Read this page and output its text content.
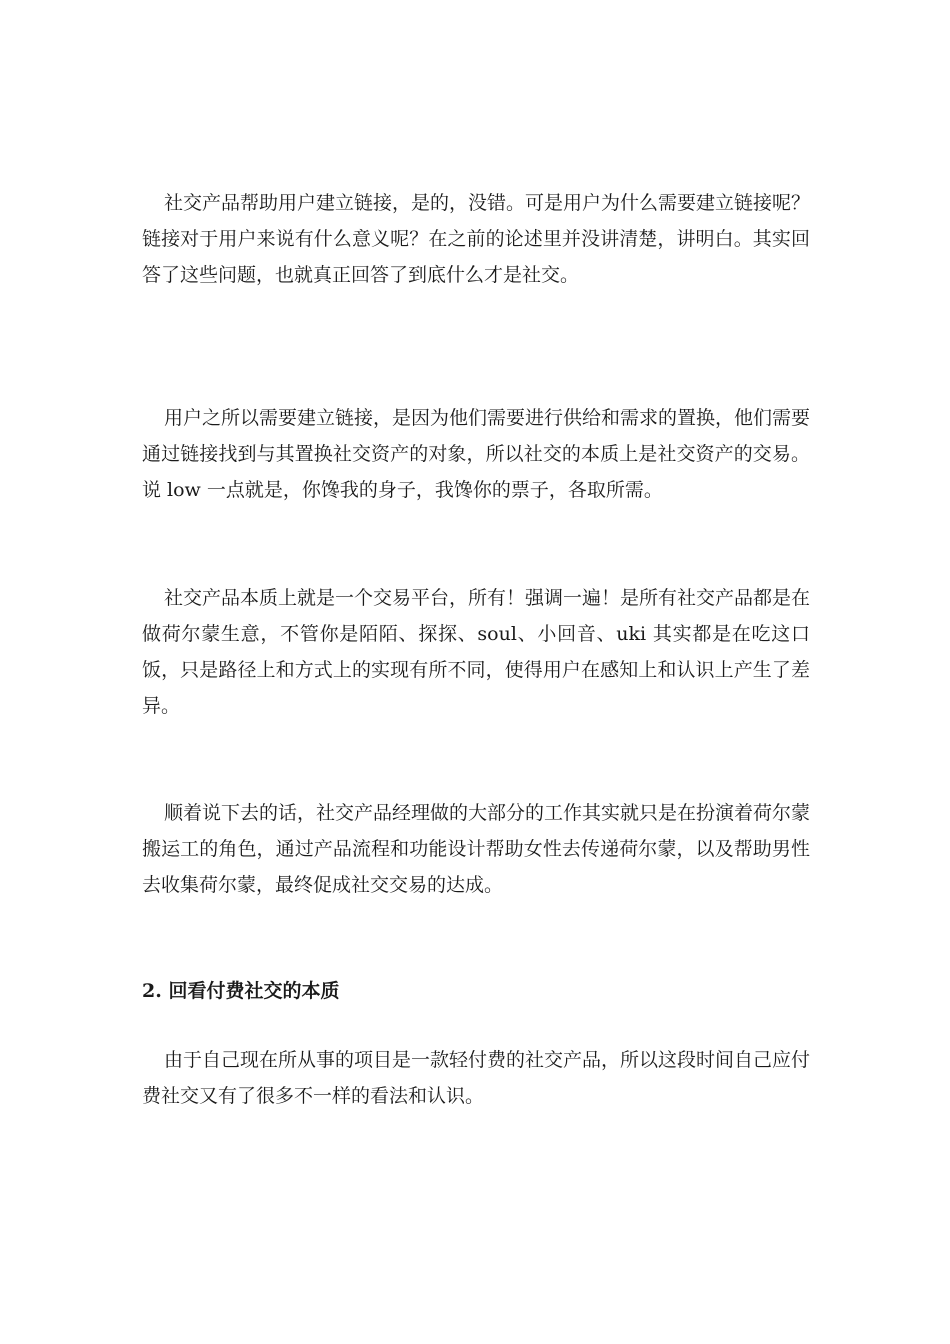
社交产品帮助用户建立链接，是的，没错。可是用户为什么需要建立链接呢？链接对于用户来说有什么意义呢？在之前的论述里并没讲清楚，讲明白。其实回答了这些问题，也就真正回答了到底什么才是社交。

用户之所以需要建立链接，是因为他们需要进行供给和需求的置换，他们需要通过链接找到与其置换社交资产的对象，所以社交的本质上是社交资产的交易。说 low 一点就是，你馋我的身子，我馋你的票子，各取所需。

社交产品本质上就是一个交易平台，所有！强调一遍！是所有社交产品都是在做荷尔蒙生意，不管你是陌陌、探探、soul、小回音、uki 其实都是在吃这口饭，只是路径上和方式上的实现有所不同，使得用户在感知上和认识上产生了差异。

顺着说下去的话，社交产品经理做的大部分的工作其实就只是在扮演着荷尔蒙搬运工的角色，通过产品流程和功能设计帮助女性去传递荷尔蒙，以及帮助男性去收集荷尔蒙，最终促成社交交易的达成。

2. 回看付费社交的本质

由于自己现在所从事的项目是一款轻付费的社交产品，所以这段时间自己应付费社交又有了很多不一样的看法和认识。
